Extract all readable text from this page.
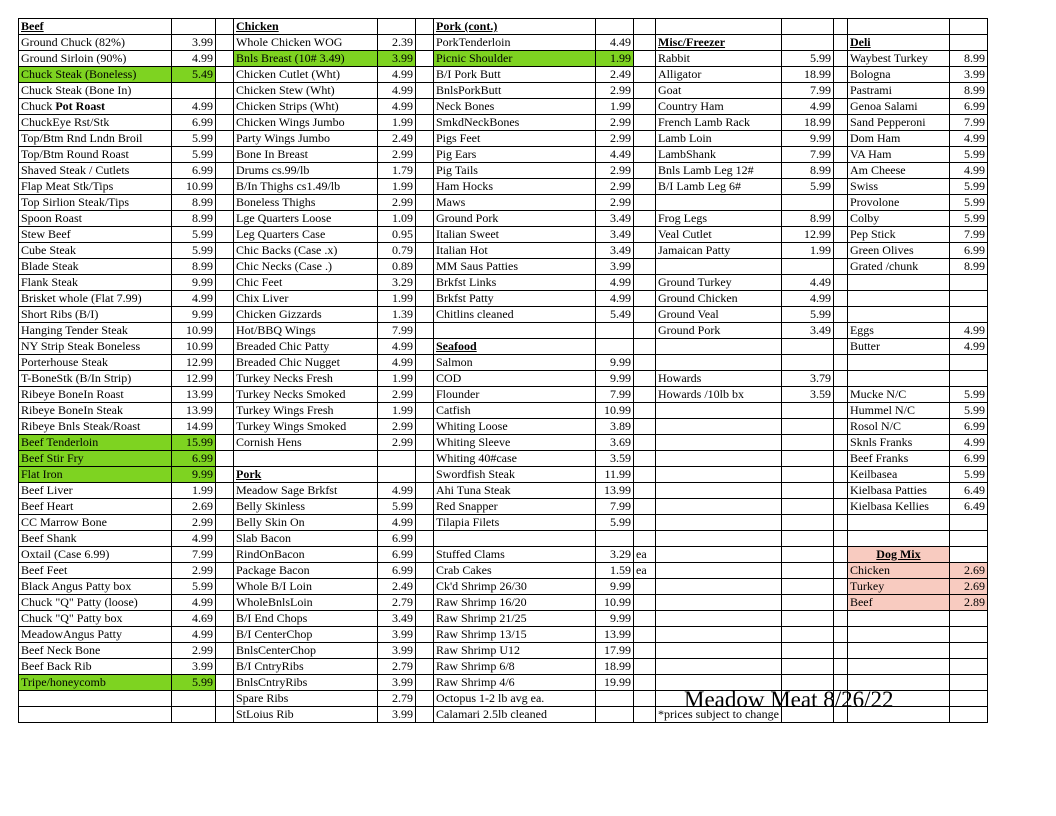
Beef			Chicken			Pork (cont.)							
Ground Chuck (82%)	3.99		Whole Chicken WOG	2.39		PorkTenderloin	4.49		Misc/Freezer			Deli	
Ground Sirloin (90%)	4.99		Bnls Breast (10# 3.49)	3.99		Picnic Shoulder	1.99		Rabbit	5.99		Waybest Turkey	8.99
Chuck Steak (Boneless)	5.49		Chicken Cutlet (Wht)	4.99		B/I Pork Butt	2.49		Alligator	18.99		Bologna	3.99
Chuck Steak (Bone In)			Chicken Stew (Wht)	4.99		BnlsPorkButt	2.99		Goat	7.99		Pastrami	8.99
Chuck Pot Roast	4.99		Chicken Strips (Wht)	4.99		Neck Bones	1.99		Country Ham	4.99		Genoa Salami	6.99
ChuckEye Rst/Stk	6.99		Chicken Wings Jumbo	1.99		SmkdNeckBones	2.99		French Lamb Rack	18.99		Sand Pepperoni	7.99
Top/Btm Rnd Lndn Broil	5.99		Party Wings Jumbo	2.49		Pigs Feet	2.99		Lamb Loin	9.99		Dom Ham	4.99
Top/Btm Round Roast	5.99		Bone In Breast	2.99		Pig Ears	4.49		LambShank	7.99		VA Ham	5.99
Shaved Steak / Cutlets	6.99		Drums cs.99/lb	1.79		Pig Tails	2.99		Bnls Lamb Leg 12#	8.99		Am Cheese	4.99
Flap Meat Stk/Tips	10.99		B/In Thighs cs1.49/lb	1.99		Ham Hocks	2.99		B/I Lamb Leg 6#	5.99		Swiss	5.99
Top Sirlion Steak/Tips	8.99		Boneless Thighs	2.99		Maws	2.99					Provolone	5.99
Spoon Roast	8.99		Lge Quarters Loose	1.09		Ground Pork	3.49		Frog Legs	8.99		Colby	5.99
Stew Beef	5.99		Leg Quarters Case	0.95		Italian Sweet	3.49		Veal Cutlet	12.99		Pep Stick	7.99
Cube Steak	5.99		Chic Backs (Case .x)	0.79		Italian Hot	3.49		Jamaican Patty	1.99		Green Olives	6.99
Blade Steak	8.99		Chic Necks (Case .)	0.89		MM Saus Patties	3.99					Grated /chunk	8.99
Flank Steak	9.99		Chic Feet	3.29		Brkfst Links	4.99		Ground Turkey	4.49			
Brisket whole (Flat 7.99)	4.99		Chix Liver	1.99		Brkfst Patty	4.99		Ground Chicken	4.99			
Short Ribs (B/I)	9.99		Chicken Gizzards	1.39		Chitlins cleaned	5.49		Ground Veal	5.99			
Hanging Tender Steak	10.99		Hot/BBQ Wings	7.99					Ground Pork	3.49		Eggs	4.99
NY Strip Steak Boneless	10.99		Breaded Chic Patty	4.99		Seafood						Butter	4.99
Porterhouse Steak	12.99		Breaded Chic Nugget	4.99		Salmon	9.99						
T-BoneStk (B/In Strip)	12.99		Turkey Necks Fresh	1.99		COD	9.99		Howards	3.79			
Ribeye BoneIn Roast	13.99		Turkey Necks Smoked	2.99		Flounder	7.99		Howards /10lb bx	3.59		Mucke N/C	5.99
Ribeye BoneIn Steak	13.99		Turkey Wings Fresh	1.99		Catfish	10.99					Hummel N/C	5.99
Ribeye Bnls Steak/Roast	14.99		Turkey Wings Smoked	2.99		Whiting Loose	3.89					Rosol N/C	6.99
Beef Tenderloin	15.99		Cornish Hens	2.99		Whiting Sleeve	3.69					Sknls Franks	4.99
Beef Stir Fry	6.99					Whiting 40#case	3.59					Beef Franks	6.99
Flat Iron	9.99		Pork			Swordfish Steak	11.99					Keilbasea	5.99
Beef Liver	1.99		Meadow Sage Brkfst	4.99		Ahi Tuna Steak	13.99					Kielbasa Patties	6.49
Beef Heart	2.69		Belly Skinless	5.99		Red Snapper	7.99					Kielbasa Kellies	6.49
CC Marrow Bone	2.99		Belly Skin On	4.99		Tilapia Filets	5.99						
Beef Shank	4.99		Slab Bacon	6.99									
Oxtail (Case 6.99)	7.99		RindOnBacon	6.99		Stuffed Clams	3.29	ea				Dog Mix	
Beef Feet	2.99		Package Bacon	6.99		Crab Cakes	1.59	ea				Chicken	2.69
Black Angus Patty box	5.99		Whole B/I Loin	2.49		Ck'd Shrimp 26/30	9.99					Turkey	2.69
Chuck "Q" Patty (loose)	4.99		WholeBnlsLoin	2.79		Raw Shrimp 16/20	10.99					Beef	2.89
Chuck "Q" Patty box	4.69		B/I End Chops	3.49		Raw Shrimp 21/25	9.99						
MeadowAngus Patty	4.99		B/I CenterChop	3.99		Raw Shrimp 13/15	13.99						
Beef Neck Bone	2.99		BnlsCenterChop	3.99		Raw Shrimp U12	17.99						
Beef Back Rib	3.99		B/I CntryRibs	2.79		Raw Shrimp 6/8	18.99						
Tripe/honeycomb	5.99		BnlsCntryRibs	3.99		Raw Shrimp 4/6	19.99						
			Spare Ribs	2.79		Octopus 1-2 lb avg ea.							
			StLoius Rib	3.99		Calamari 2.5lb cleaned			*prices subject to change				
Meadow Meat 8/26/22
